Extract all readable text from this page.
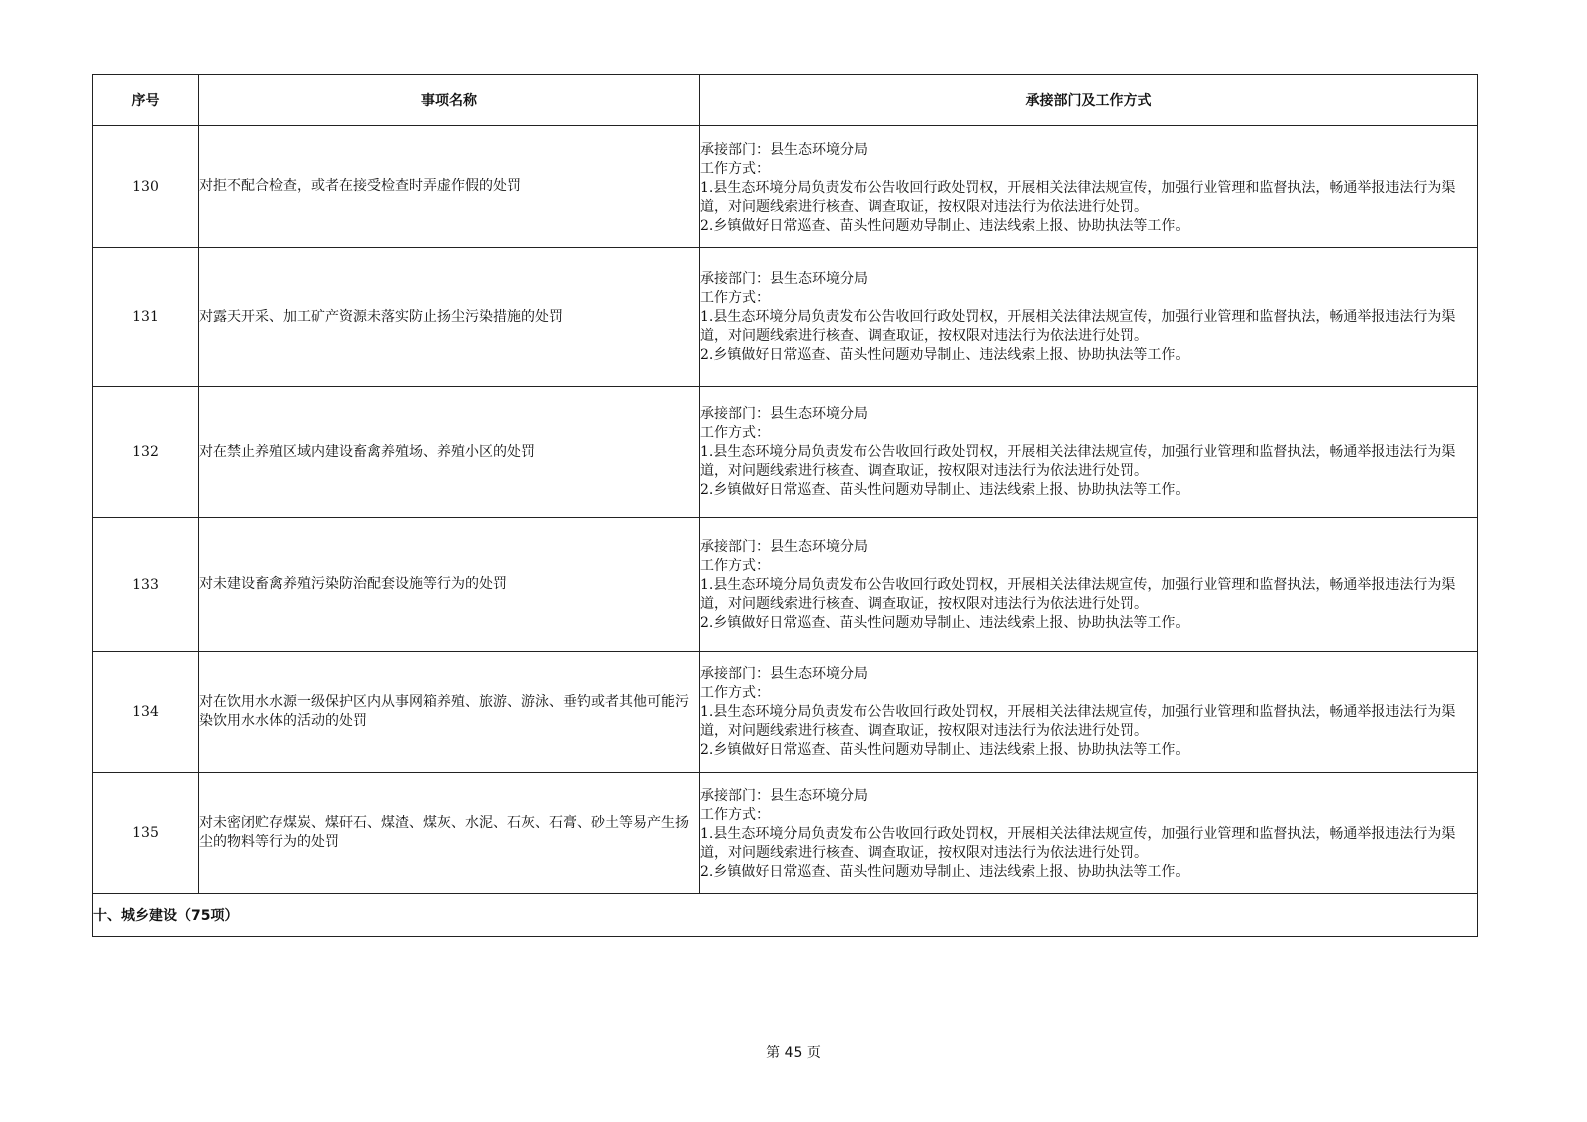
序号	事项名称	承接部门及工作方式
130	对拒不配合检查，或者在接受检查时弄虚作假的处罚	承接部门：县生态环境分局
工作方式：
1.县生态环境分局负责发布公告收回行政处罚权，开展相关法律法规宣传，加强行业管理和监督执法，畅通举报违法行为渠道，对问题线索进行核查、调查取证，按权限对违法行为依法进行处罚。
2.乡镇做好日常巡查、苗头性问题劝导制止、违法线索上报、协助执法等工作。

131	对露天开采、加工矿产资源未落实防止扬尘污染措施的处罚	承接部门：县生态环境分局
工作方式：
1.县生态环境分局负责发布公告收回行政处罚权，开展相关法律法规宣传，加强行业管理和监督执法，畅通举报违法行为渠道，对问题线索进行核查、调查取证，按权限对违法行为依法进行处罚。
2.乡镇做好日常巡查、苗头性问题劝导制止、违法线索上报、协助执法等工作。

132	对在禁止养殖区域内建设畜禽养殖场、养殖小区的处罚	承接部门：县生态环境分局
工作方式：
1.县生态环境分局负责发布公告收回行政处罚权，开展相关法律法规宣传，加强行业管理和监督执法，畅通举报违法行为渠道，对问题线索进行核查、调查取证，按权限对违法行为依法进行处罚。
2.乡镇做好日常巡查、苗头性问题劝导制止、违法线索上报、协助执法等工作。

133	对未建设畜禽养殖污染防治配套设施等行为的处罚	承接部门：县生态环境分局
工作方式：
1.县生态环境分局负责发布公告收回行政处罚权，开展相关法律法规宣传，加强行业管理和监督执法，畅通举报违法行为渠道，对问题线索进行核查、调查取证，按权限对违法行为依法进行处罚。
2.乡镇做好日常巡查、苗头性问题劝导制止、违法线索上报、协助执法等工作。

134	对在饮用水水源一级保护区内从事网箱养殖、旅游、游泳、垂钓或者其他可能污染饮用水水体的活动的处罚	承接部门：县生态环境分局
工作方式：
1.县生态环境分局负责发布公告收回行政处罚权，开展相关法律法规宣传，加强行业管理和监督执法，畅通举报违法行为渠道，对问题线索进行核查、调查取证，按权限对违法行为依法进行处罚。
2.乡镇做好日常巡查、苗头性问题劝导制止、违法线索上报、协助执法等工作。

135	对未密闭贮存煤炭、煤矸石、煤渣、煤灰、水泥、石灰、石膏、砂土等易产生扬尘的物料等行为的处罚	承接部门：县生态环境分局
工作方式：
1.县生态环境分局负责发布公告收回行政处罚权，开展相关法律法规宣传，加强行业管理和监督执法，畅通举报违法行为渠道，对问题线索进行核查、调查取证，按权限对违法行为依法进行处罚。
2.乡镇做好日常巡查、苗头性问题劝导制止、违法线索上报、协助执法等工作。

十、城乡建设（75项）		
第 45 页
